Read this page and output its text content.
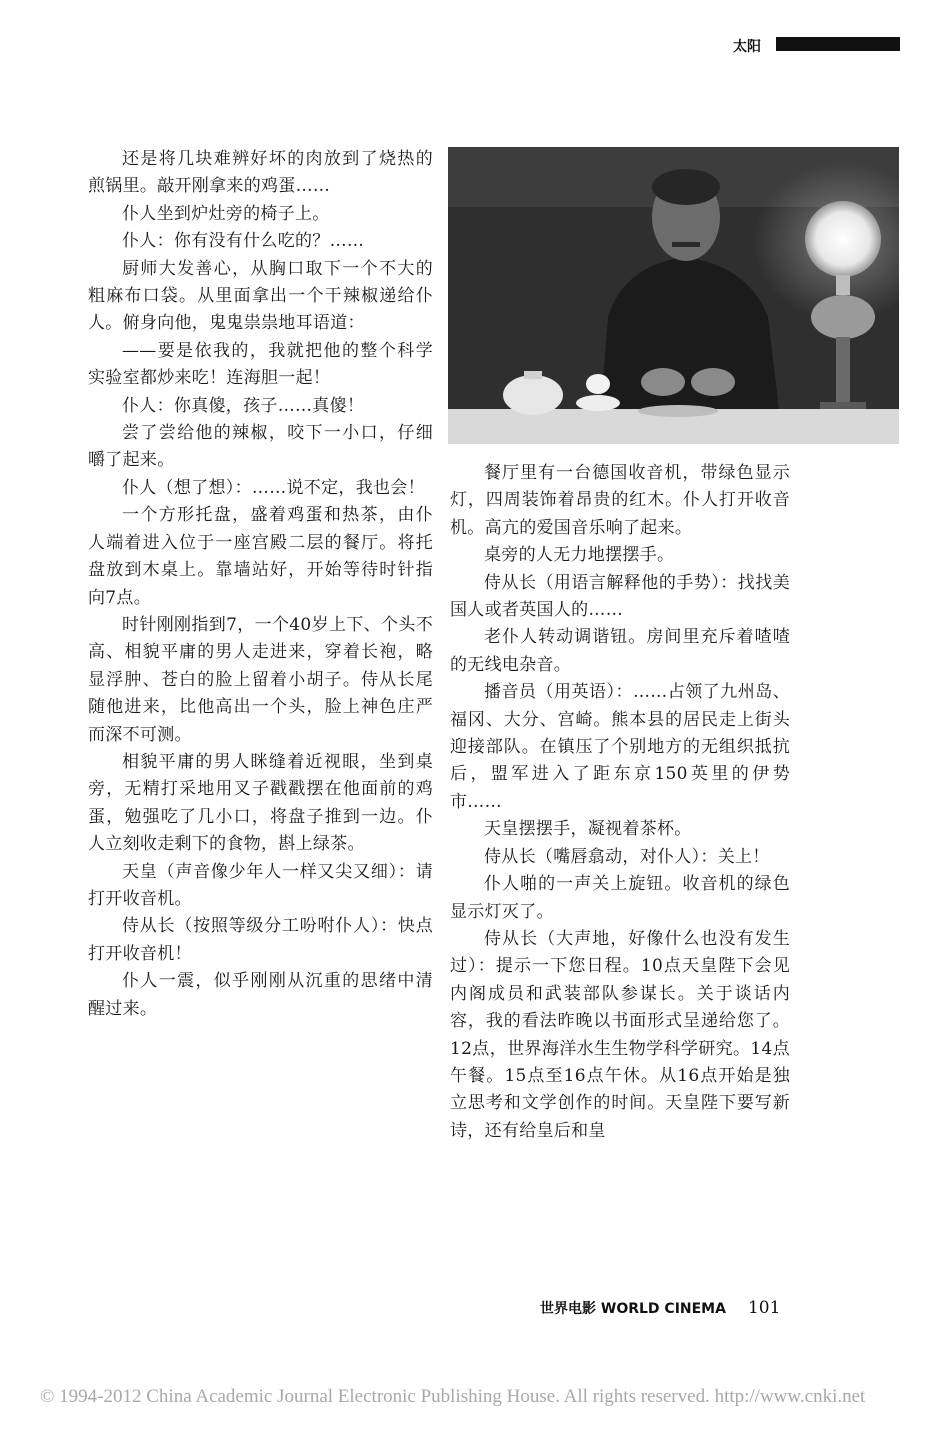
太阳

还是将几块难辨好坏的肉放到了烧热的煎锅里。敲开刚拿来的鸡蛋……

仆人坐到炉灶旁的椅子上。

仆人：你有没有什么吃的？……

厨师大发善心，从胸口取下一个不大的粗麻布口袋。从里面拿出一个干辣椒递给仆人。俯身向他，鬼鬼祟祟地耳语道：

——要是依我的，我就把他的整个科学实验室都炒来吃！连海胆一起！

仆人：你真傻，孩子……真傻！

尝了尝给他的辣椒，咬下一小口，仔细嚼了起来。

仆人（想了想）：……说不定，我也会！

一个方形托盘，盛着鸡蛋和热茶，由仆人端着进入位于一座宫殿二层的餐厅。将托盘放到木桌上。靠墙站好，开始等待时针指向7点。

时针刚刚指到7，一个40岁上下、个头不高、相貌平庸的男人走进来，穿着长袍，略显浮肿、苍白的脸上留着小胡子。侍从长尾随他进来，比他高出一个头，脸上神色庄严而深不可测。

相貌平庸的男人眯缝着近视眼，坐到桌旁，无精打采地用叉子戳戳摆在他面前的鸡蛋，勉强吃了几小口，将盘子推到一边。仆人立刻收走剩下的食物，斟上绿茶。

天皇（声音像少年人一样又尖又细）：请打开收音机。

侍从长（按照等级分工吩咐仆人）：快点打开收音机！

仆人一震，似乎刚刚从沉重的思绪中清醒过来。

餐厅里有一台德国收音机，带绿色显示灯，四周装饰着昂贵的红木。仆人打开收音机。高亢的爱国音乐响了起来。

桌旁的人无力地摆摆手。

侍从长（用语言解释他的手势）：找找美国人或者英国人的……

老仆人转动调谐钮。房间里充斥着喳喳的无线电杂音。

播音员（用英语）：……占领了九州岛、福冈、大分、宫崎。熊本县的居民走上街头迎接部队。在镇压了个别地方的无组织抵抗后，盟军进入了距东京150英里的伊势市……

天皇摆摆手，凝视着茶杯。

侍从长（嘴唇翕动，对仆人）：关上！

仆人啪的一声关上旋钮。收音机的绿色显示灯灭了。

侍从长（大声地，好像什么也没有发生过）：提示一下您日程。10点天皇陛下会见内阁成员和武装部队参谋长。关于谈话内容，我的看法昨晚以书面形式呈递给您了。12点，世界海洋水生生物学科学研究。14点午餐。15点至16点午休。从16点开始是独立思考和文学创作的时间。天皇陛下要写新诗，还有给皇后和皇

世界电影 WORLD CINEMA 101
© 1994-2012 China Academic Journal Electronic Publishing House. All rights reserved. http://www.cnki.net
